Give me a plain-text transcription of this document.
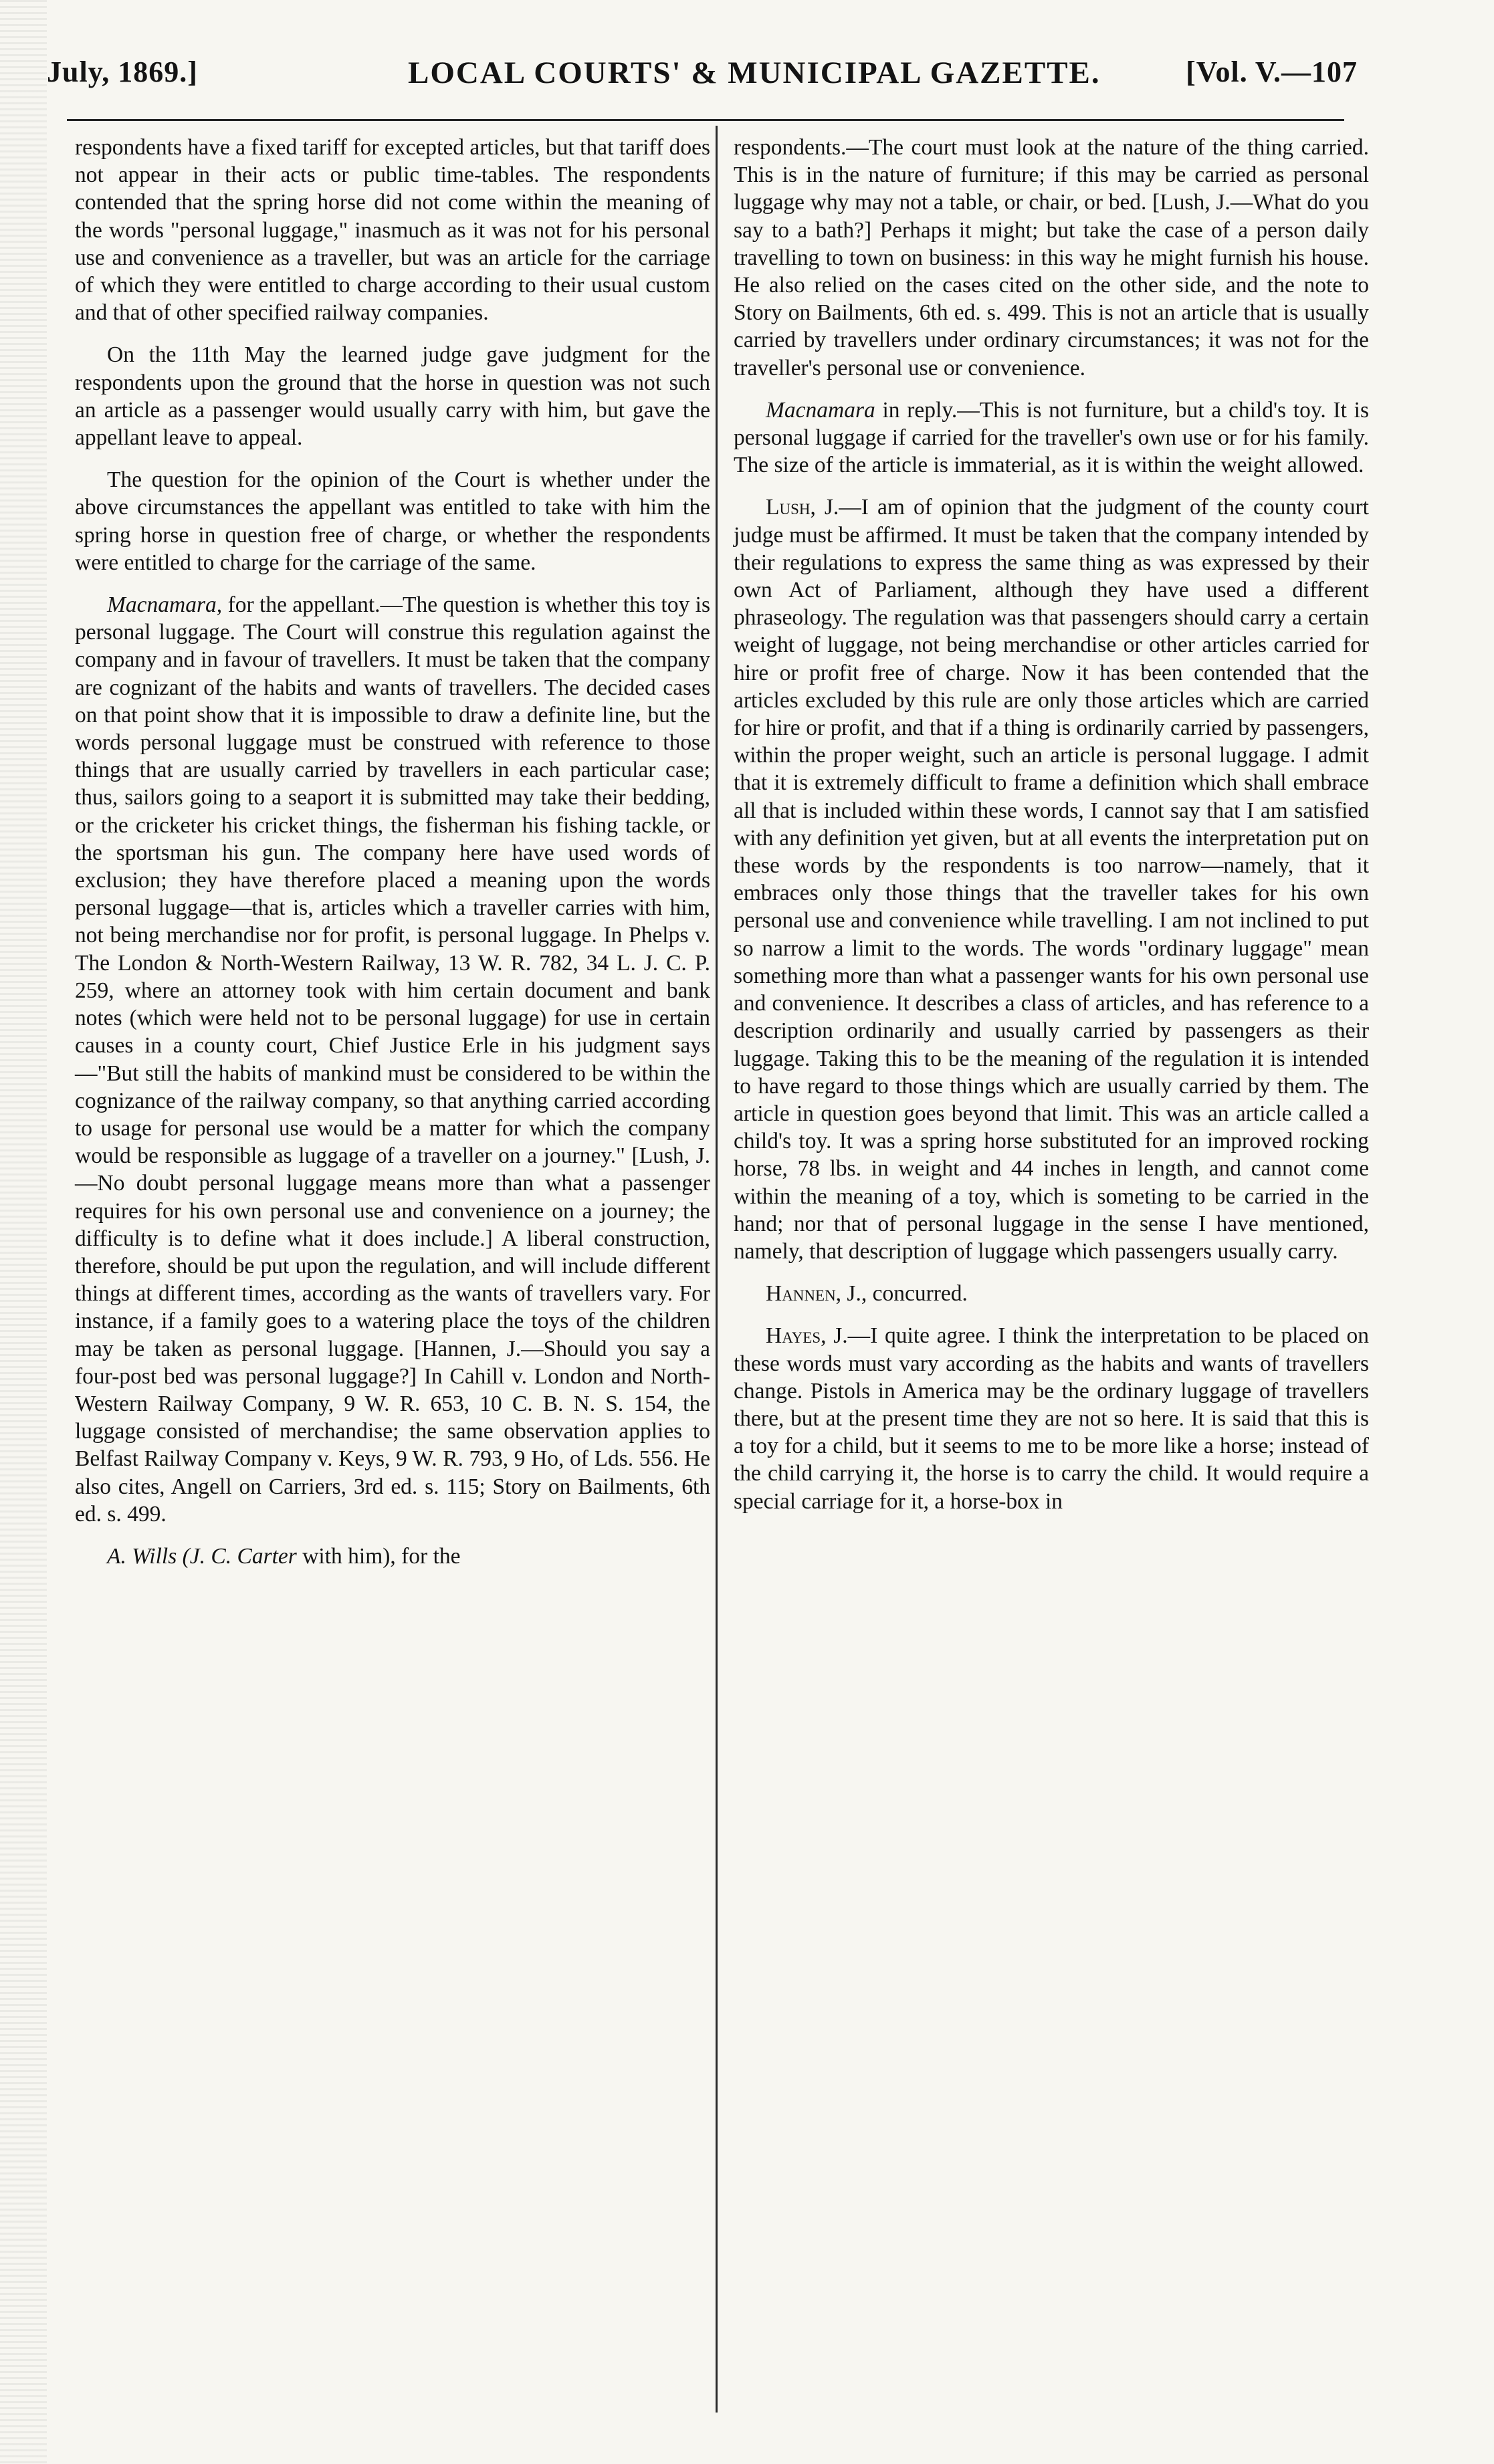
July, 1869.]	LOCAL COURTS' & MUNICIPAL GAZETTE.	[Vol. V.—107

respondents have a fixed tariff for excepted articles, but that tariff does not appear in their acts or public time-tables. The respondents contended that the spring horse did not come within the meaning of the words "personal luggage," inasmuch as it was not for his personal use and convenience as a traveller, but was an article for the carriage of which they were entitled to charge according to their usual custom and that of other specified railway companies.

On the 11th May the learned judge gave judgment for the respondents upon the ground that the horse in question was not such an article as a passenger would usually carry with him, but gave the appellant leave to appeal.

The question for the opinion of the Court is whether under the above circumstances the appellant was entitled to take with him the spring horse in question free of charge, or whether the respondents were entitled to charge for the carriage of the same.

Macnamara, for the appellant.—The question is whether this toy is personal luggage. The Court will construe this regulation against the company and in favour of travellers. It must be taken that the company are cognizant of the habits and wants of travellers. The decided cases on that point show that it is impossible to draw a definite line, but the words personal luggage must be construed with reference to those things that are usually carried by travellers in each particular case; thus, sailors going to a seaport it is submitted may take their bedding, or the cricketer his cricket things, the fisherman his fishing tackle, or the sportsman his gun. The company here have used words of exclusion; they have therefore placed a meaning upon the words personal luggage—that is, articles which a traveller carries with him, not being merchandise nor for profit, is personal luggage. In Phelps v. The London & North-Western Railway, 13 W. R. 782, 34 L. J. C. P. 259, where an attorney took with him certain document and bank notes (which were held not to be personal luggage) for use in certain causes in a county court, Chief Justice Erle in his judgment says—"But still the habits of mankind must be considered to be within the cognizance of the railway company, so that anything carried according to usage for personal use would be a matter for which the company would be responsible as luggage of a traveller on a journey." [Lush, J.—No doubt personal luggage means more than what a passenger requires for his own personal use and convenience on a journey; the difficulty is to define what it does include.] A liberal construction, therefore, should be put upon the regulation, and will include different things at different times, according as the wants of travellers vary. For instance, if a family goes to a watering place the toys of the children may be taken as personal luggage. [Hannen, J.—Should you say a four-post bed was personal luggage?] In Cahill v. London and North-Western Railway Company, 9 W. R. 653, 10 C. B. N. S. 154, the luggage consisted of merchandise; the same observation applies to Belfast Railway Company v. Keys, 9 W. R. 793, 9 Ho, of Lds. 556. He also cites, Angell on Carriers, 3rd ed. s. 115; Story on Bailments, 6th ed. s. 499.

A. Wills (J. C. Carter with him), for the

respondents.—The court must look at the nature of the thing carried. This is in the nature of furniture; if this may be carried as personal luggage why may not a table, or chair, or bed. [Lush, J.—What do you say to a bath?] Perhaps it might; but take the case of a person daily travelling to town on business: in this way he might furnish his house. He also relied on the cases cited on the other side, and the note to Story on Bailments, 6th ed. s. 499. This is not an article that is usually carried by travellers under ordinary circumstances; it was not for the traveller's personal use or convenience.

Macnamara in reply.—This is not furniture, but a child's toy. It is personal luggage if carried for the traveller's own use or for his family. The size of the article is immaterial, as it is within the weight allowed.

Lush, J.—I am of opinion that the judgment of the county court judge must be affirmed. It must be taken that the company intended by their regulations to express the same thing as was expressed by their own Act of Parliament, although they have used a different phraseology. The regulation was that passengers should carry a certain weight of luggage, not being merchandise or other articles carried for hire or profit free of charge. Now it has been contended that the articles excluded by this rule are only those articles which are carried for hire or profit, and that if a thing is ordinarily carried by passengers, within the proper weight, such an article is personal luggage. I admit that it is extremely difficult to frame a definition which shall embrace all that is included within these words, I cannot say that I am satisfied with any definition yet given, but at all events the interpretation put on these words by the respondents is too narrow—namely, that it embraces only those things that the traveller takes for his own personal use and convenience while travelling. I am not inclined to put so narrow a limit to the words. The words "ordinary luggage" mean something more than what a passenger wants for his own personal use and convenience. It describes a class of articles, and has reference to a description ordinarily and usually carried by passengers as their luggage. Taking this to be the meaning of the regulation it is intended to have regard to those things which are usually carried by them. The article in question goes beyond that limit. This was an article called a child's toy. It was a spring horse substituted for an improved rocking horse, 78 lbs. in weight and 44 inches in length, and cannot come within the meaning of a toy, which is someting to be carried in the hand; nor that of personal luggage in the sense I have mentioned, namely, that description of luggage which passengers usually carry.

Hannen, J., concurred.

Hayes, J.—I quite agree. I think the interpretation to be placed on these words must vary according as the habits and wants of travellers change. Pistols in America may be the ordinary luggage of travellers there, but at the present time they are not so here. It is said that this is a toy for a child, but it seems to me to be more like a horse; instead of the child carrying it, the horse is to carry the child. It would require a special carriage for it, a horse-box in
